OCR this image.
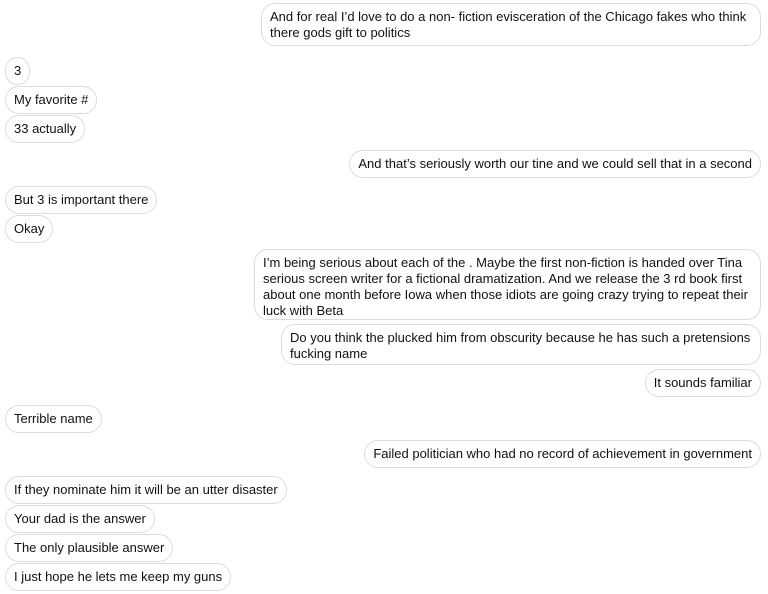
And for real I’d love to do a non- fiction evisceration of the Chicago fakes who think there gods gift to politics
3
My favorite #
33 actually
And that’s seriously worth our tine and we could sell that in a second
But 3 is important there
Okay
I’m being serious about each of the . Maybe the first non-fiction is handed over Tina serious screen writer for a fictional dramatization. And we release the 3 rd book first about one month before Iowa when those idiots are going crazy trying to repeat their luck with Beta
Do you think the plucked him from obscurity because he has such a pretensions fucking name
It sounds familiar
Terrible name
Failed politician who had no record of achievement in government
If they nominate him it will be an utter disaster
Your dad is the answer
The only plausible answer
I just hope he lets me keep my guns
